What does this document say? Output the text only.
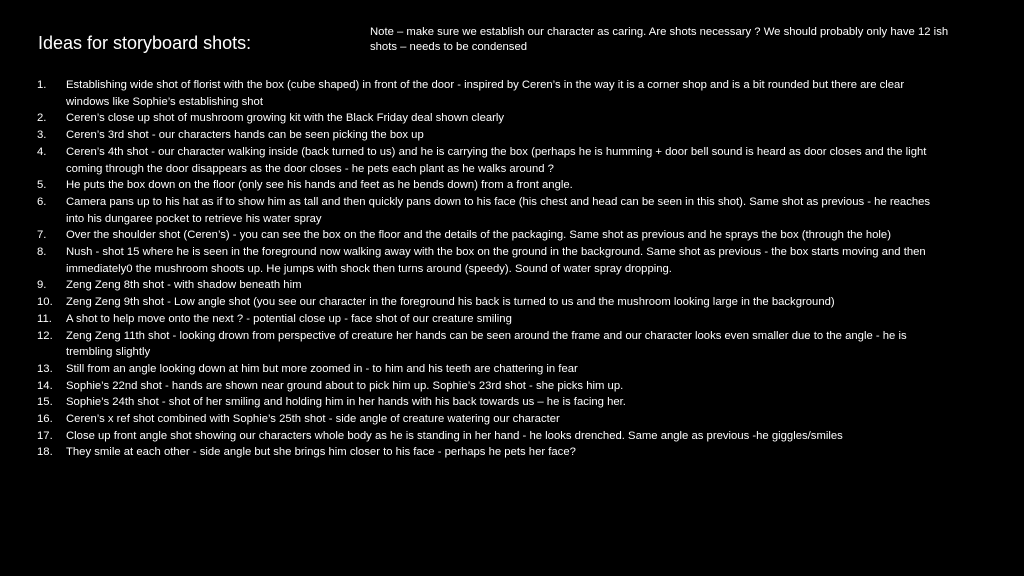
Ideas for storyboard shots:
Note – make sure we establish our character as caring. Are shots necessary ? We should probably only have 12 ish shots – needs to be condensed
1. Establishing wide shot of florist with the box (cube shaped) in front of the door - inspired by Ceren’s in the way it is a corner shop and is a bit rounded but there are clear windows like Sophie’s establishing shot
2. Ceren’s close up shot of mushroom growing kit with the Black Friday deal shown clearly
3. Ceren’s 3rd shot - our characters hands can be seen picking the box up
4. Ceren’s 4th shot - our character walking inside (back turned to us) and he is carrying the box (perhaps he is humming + door bell sound is heard as door closes and the light coming through the door disappears as the door closes - he pets each plant as he walks around ?
5. He puts the box down on the floor (only see his hands and feet as he bends down) from a front angle.
6. Camera pans up to his hat as if to show him as tall and then quickly pans down to his face (his chest and head can be seen in this shot). Same shot as previous - he reaches into his dungaree pocket to retrieve his water spray
7. Over the shoulder shot (Ceren’s) - you can see the box on the floor and the details of the packaging. Same shot as previous and he sprays the box (through the hole)
8. Nush - shot 15 where he is seen in the foreground now walking away with the box on the ground in the background. Same shot as previous - the box starts moving and then immediately0 the mushroom shoots up. He jumps with shock then turns around (speedy). Sound of water spray dropping.
9. Zeng Zeng 8th shot - with shadow beneath him
10. Zeng Zeng 9th shot - Low angle shot (you see our character in the foreground his back is turned to us and the mushroom looking large in the background)
11. A shot to help move onto the next ? - potential close up - face shot of our creature smiling
12. Zeng Zeng 11th shot - looking drown from perspective of creature her hands can be seen around the frame and our character looks even smaller due to the angle - he is trembling slightly
13. Still from an angle looking down at him but more zoomed in - to him and his teeth are chattering in fear
14. Sophie’s 22nd shot - hands are shown near ground about to pick him up. Sophie’s 23rd shot - she picks him up.
15. Sophie’s 24th shot - shot of her smiling and holding him in her hands with his back towards us – he is facing her.
16. Ceren’s x ref shot combined with Sophie’s 25th shot - side angle of creature watering our character
17. Close up front angle shot showing our characters whole body as he is standing in her hand - he looks drenched. Same angle as previous -he giggles/smiles
18. They smile at each other - side angle but she brings him closer to his face - perhaps he pets her face?
